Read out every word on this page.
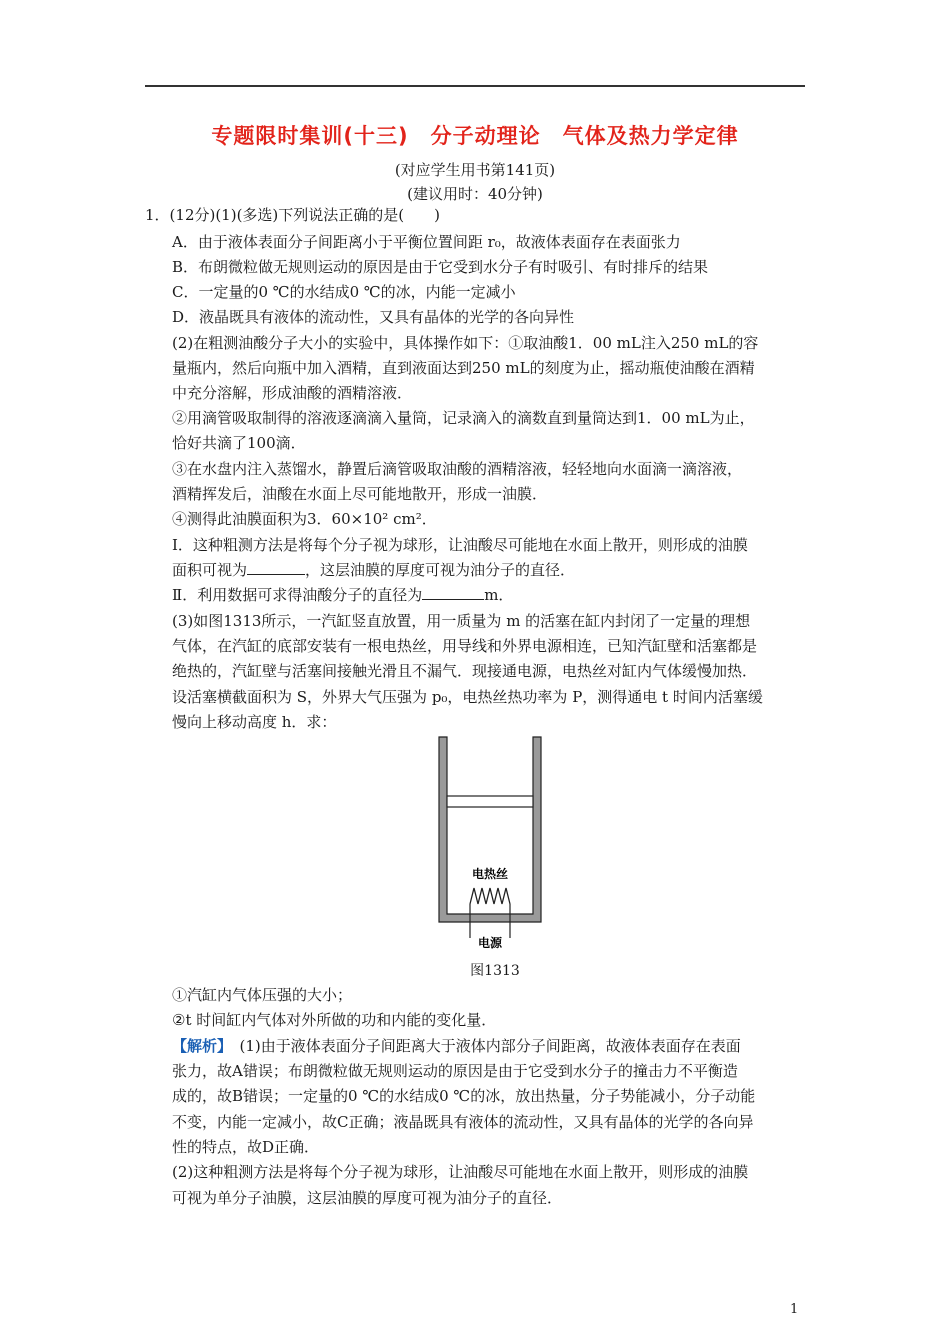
专题限时集训(十三)　分子动理论　气体及热力学定律
(对应学生用书第141页)
(建议用时：40分钟)
1．(12分)(1)(多选)下列说法正确的是(　　)
A．由于液体表面分子间距离小于平衡位置间距 r₀，故液体表面存在表面张力
B．布朗微粒做无规则运动的原因是由于它受到水分子有时吸引、有时排斥的结果
C．一定量的0 ℃的水结成0 ℃的冰，内能一定减小
D．液晶既具有液体的流动性，又具有晶体的光学的各向异性
(2)在粗测油酸分子大小的实验中，具体操作如下：①取油酸1．00 mL注入250 mL的容
量瓶内，然后向瓶中加入酒精，直到液面达到250 mL的刻度为止，摇动瓶使油酸在酒精
中充分溶解，形成油酸的酒精溶液．
②用滴管吸取制得的溶液逐滴滴入量筒，记录滴入的滴数直到量筒达到1．00 mL为止，
恰好共滴了100滴．
③在水盘内注入蒸馏水，静置后滴管吸取油酸的酒精溶液，轻轻地向水面滴一滴溶液，
酒精挥发后，油酸在水面上尽可能地散开，形成一油膜．
④测得此油膜面积为3．60×10² cm²．
Ⅰ．这种粗测方法是将每个分子视为球形，让油酸尽可能地在水面上散开，则形成的油膜
面积可视为	，这层油膜的厚度可视为油分子的直径．
Ⅱ．利用数据可求得油酸分子的直径为	m．
(3)如图1313所示，一汽缸竖直放置，用一质量为 m 的活塞在缸内封闭了一定量的理想
气体，在汽缸的底部安装有一根电热丝，用导线和外界电源相连，已知汽缸壁和活塞都是
绝热的，汽缸壁与活塞间接触光滑且不漏气．现接通电源，电热丝对缸内气体缓慢加热．
设活塞横截面积为 S，外界大气压强为 p₀，电热丝热功率为 P，测得通电 t 时间内活塞缓
慢向上移动高度 h．求：
电热丝
电源
图1313
①汽缸内气体压强的大小；
②t 时间缸内气体对外所做的功和内能的变化量．
【解析】　(1)由于液体表面分子间距离大于液体内部分子间距离，故液体表面存在表面
张力，故A错误；布朗微粒做无规则运动的原因是由于它受到水分子的撞击力不平衡造
成的，故B错误；一定量的0 ℃的水结成0 ℃的冰，放出热量，分子势能减小，分子动能
不变，内能一定减小，故C正确；液晶既具有液体的流动性，又具有晶体的光学的各向异
性的特点，故D正确．
(2)这种粗测方法是将每个分子视为球形，让油酸尽可能地在水面上散开，则形成的油膜
可视为单分子油膜，这层油膜的厚度可视为油分子的直径．
1
